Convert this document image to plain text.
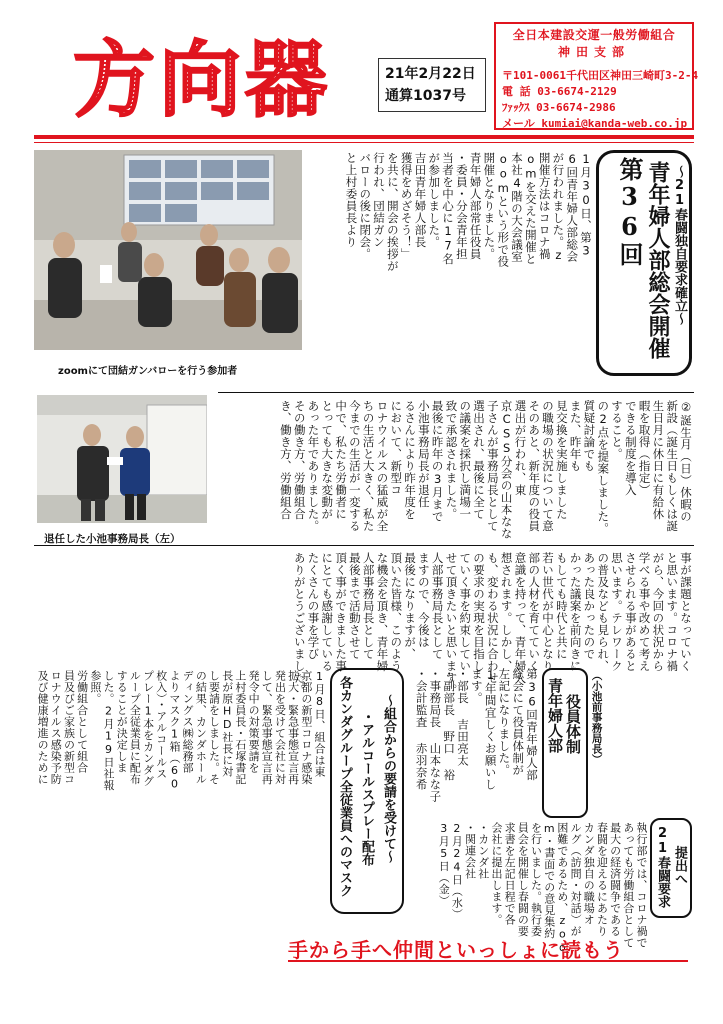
方向器	21年2月22日
通算1037号
全日本建設交運一般労働組合
神田支部
〒101-0061千代田区神田三崎町3-2-4
電 話 03-6674-2129
ﾌｧｯｸｽ 03-6674-2986
メール kumiai@kanda-web.co.jp
zoomにて団結ガンバローを行う参加者
退任した小池事務局長（左）
第36回 青年婦人部総会開催 〜21春闘独自要求確立〜
1月30日、第3
6回青年婦人部総会
が行われました。z
開催方法はコロナ禍
omを交えた開催と
本社4階の大会議室
oomという形で役
開催となりました。
青年婦人部常任役員
・委員・分会青年担
当者を中心に17名
が参加しました。
吉田青年婦人部長
獲得をめざそう！」
を共に、開会の挨拶が
行われ、団結ガン
バローの後に閉会。
と上村委員長より
②誕生月（日）休暇の
新設（誕生日もしくは誕
生日月に休日に有給休
暇を取得（指定）
できる制度を導入
すること。
の2点を提案しました。
質疑討論でも
また、昨年も
見交換を実施しました
の職場の状況について意
そのあと、新年度の役員
選出が行われ、東
京CSS分会の山本なな
子さんが事務局長として
選出され、最後に全て
の議案を採択し満場一
致で承認されました。
最後に昨年の3月まで
小池事務局長が退任
るさんにより昨年度を
において、新型コ
ロナウイルスの猛威が全
ちの生活と大きく、私た
今までの生活が一変する
中で、私たち労働者に
とっても大きな変動が
あった年でありました。
その働き方、労働組合
き、働き方、労働組合
事が課題となっていく
と思います。コロナ禍
がら、今回の状況から
学べる事や改めて考え
させられる事があると
思います。テレワーク
の普及なども見られ、
あった良かったので
かった議案を前向きに
もしても時代と共に
若い世代が中心となり
部の人材を育てていく
意識を持って、青年婦人
想されます。しかし、
も、変わる状況に合わせ
の要求の実現を目指し
ていく事を約束してい
せて頂きたいと思います。
人部事務局長として
ますので、今後は
最後になりますが、
頂いた皆様、このよう
な機会を頂き、青年婦
人部事務局長として
最後まで活動させて
頂く事ができました事
にとても感謝している
たくさんの事を学び
ありがとうございました。
（小池前事務局長）
青年婦人部 役員体制
第36回青年婦人部
総会にて役員体制が
左記になりました。
1年間宜しくお願いし
ます。
・部長 吉田亮太
・副部長 野口 裕
・事務局長 山本なな子
・会計監査 赤羽奈希
21春闘要求 提出へ
執行部では、コロナ禍で
あっても労働組合として
最大の経済闘争である
春闘を迎えるにあたり
カンダ独自の職場オ
ルグ（訪問・対話）が
困難であるため、zoo
m・書面での意見集約
を行いました。執行委
員会を開催し春闘の要
求書を左記日程で各
会社に提出します。
・カンダ社
・関連会社
2月24日（水）
3月5日（金）
各カンダグループ全従業員へのマスク ・アルコールスプレー配布 〜組合からの要請を受けて〜
1月8日、組合は東
京都の新型コロナ感染
拡大・緊急事態宣言再
発出を受けて会社に対
して、緊急事態宣言再
発令中の対策要請を
上村委員長・石塚書記
長が原HD社長に対
し要請をしました。そ
の結果、カンダホール
ディングス㈱総務部
よりマスク1箱（60
枚入）・アルコールス
プレー1本をカンダグ
ループ全従業員に配布
することが決定しま
した。2月19日社報
参照。
労働組合として組合
員及びご家族の新型コ
ロナウイルス感染予防
及び健康増進のために
手から手へ仲間といっしょに読もう
